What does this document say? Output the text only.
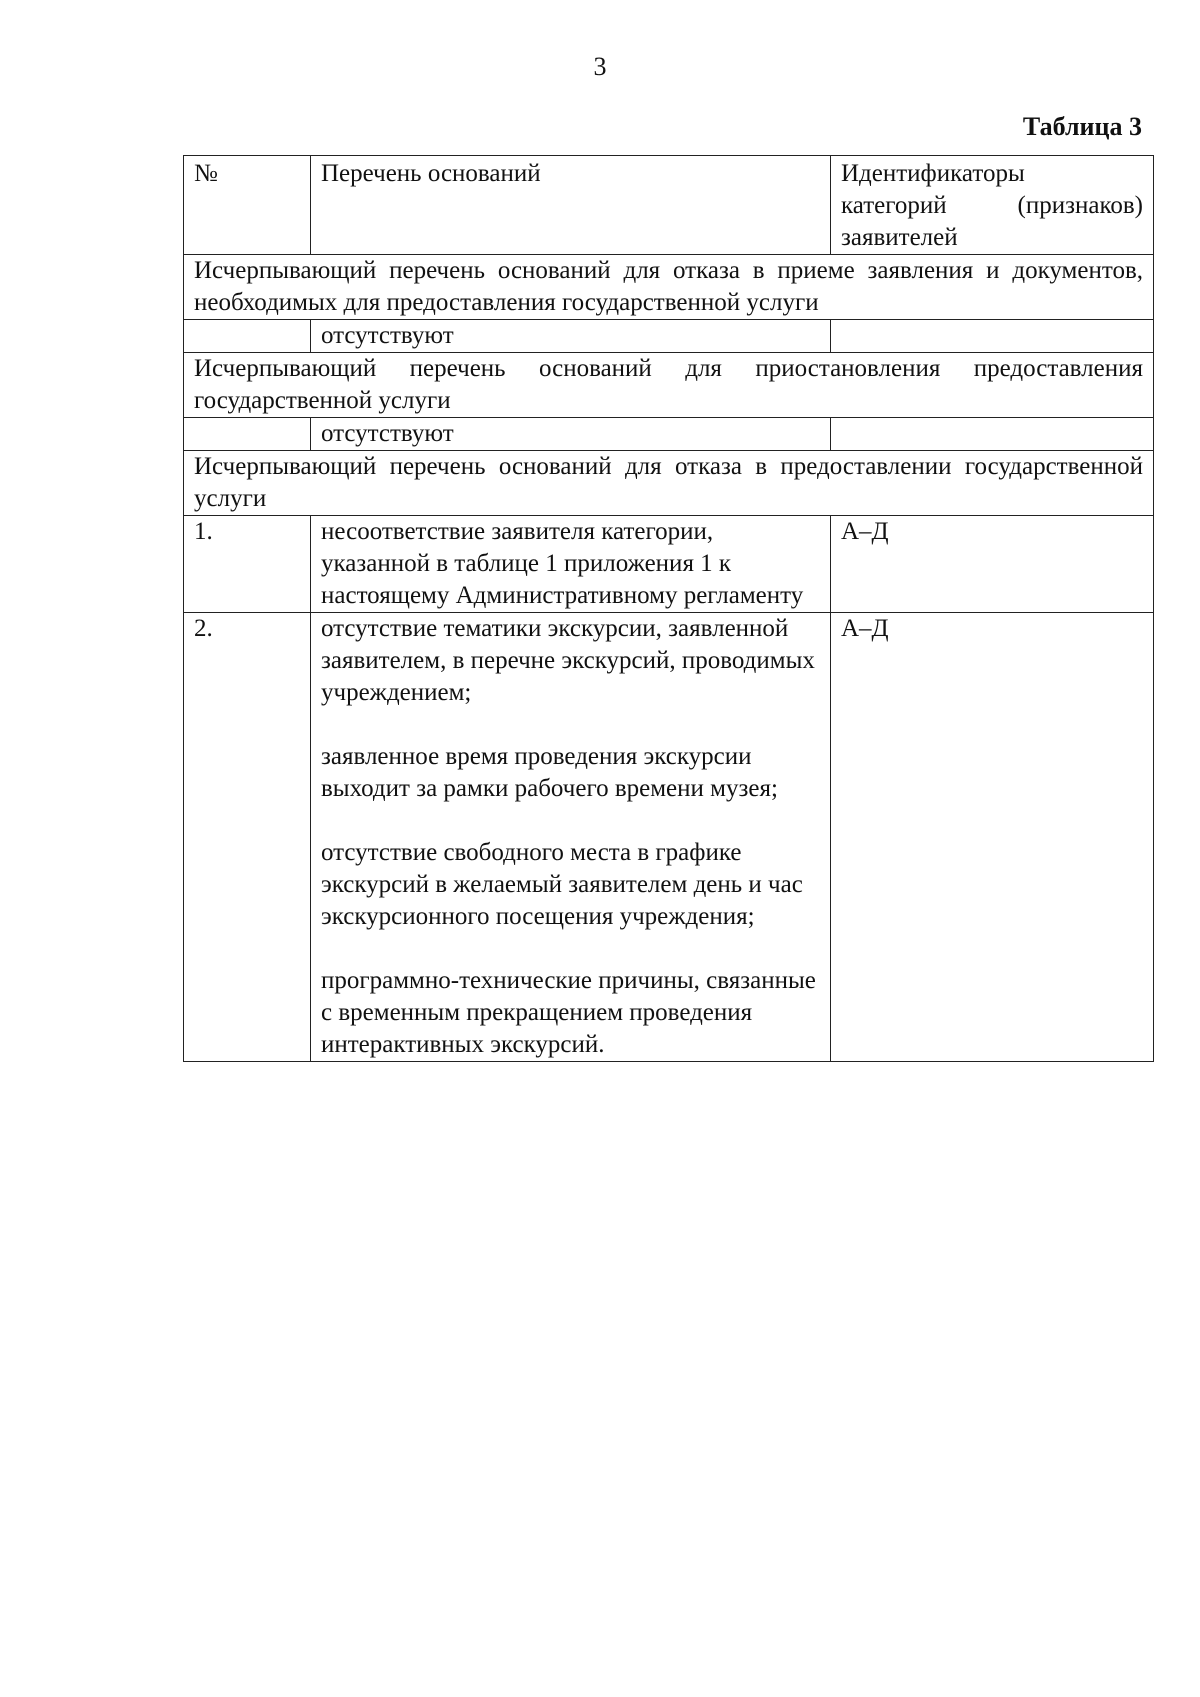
3
Таблица 3
№	Перечень оснований	Идентификаторы
категорий (признаков)
заявителей

Исчерпывающий перечень оснований для отказа в приеме заявления и документов, необходимых для предоставления государственной услуги		
	отсутствуют	
Исчерпывающий перечень оснований для приостановления предоставления государственной услуги		
	отсутствуют	
Исчерпывающий перечень оснований для отказа в предоставлении государственной услуги		
1.	несоответствие заявителя категории, указанной в таблице 1 приложения 1 к настоящему Административному регламенту	А–Д
2.	отсутствие тематики экскурсии, заявленной заявителем, в перечне экскурсий, проводимых учреждением;
заявленное время проведения экскурсии выходит за рамки рабочего времени музея;
отсутствие свободного места в графике экскурсий в желаемый заявителем день и час экскурсионного посещения учреждения;
программно-технические причины, связанные с временным прекращением проведения интерактивных экскурсий.	А–Д
